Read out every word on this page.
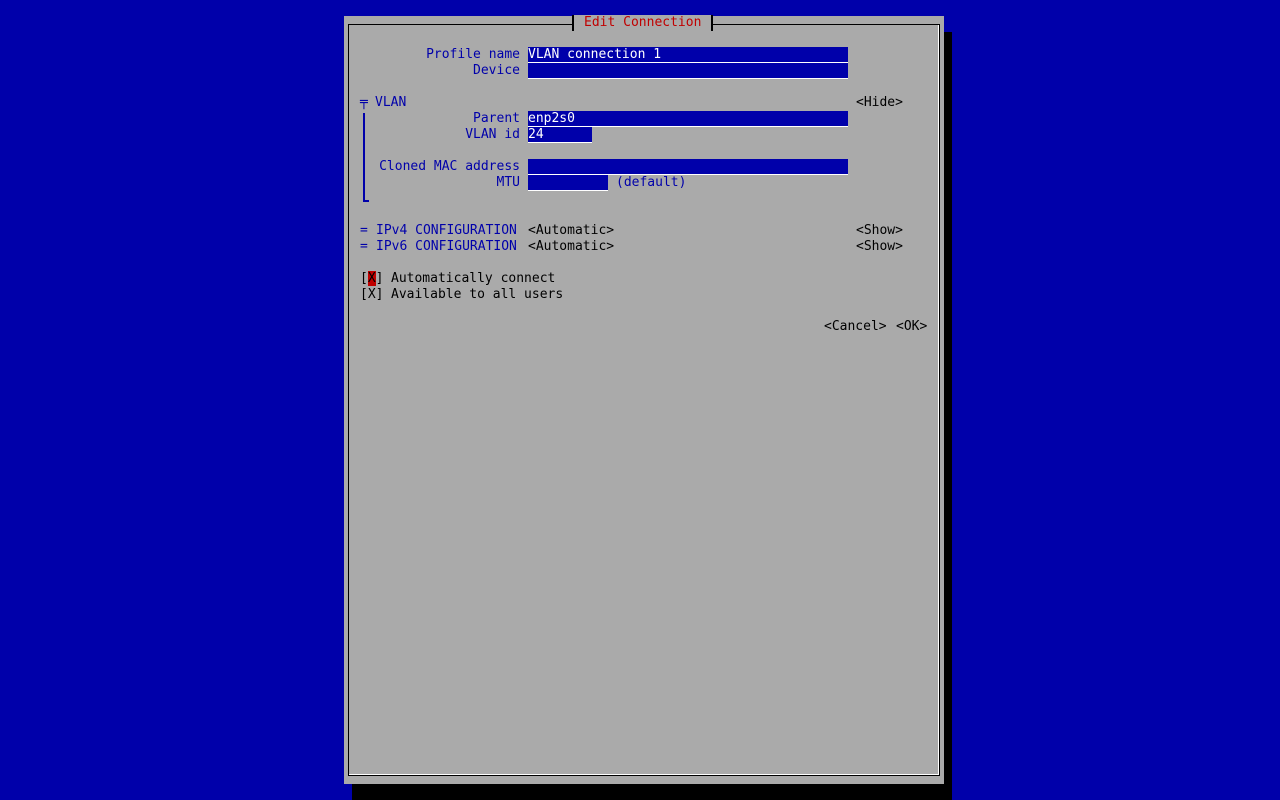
Edit Connection
Profile name VLAN connection 1
Device
╤ VLAN	<Hide>
Parent enp2s0
VLAN id 24
Cloned MAC address
MTU	(default)
= IPv4 CONFIGURATION <Automatic>	<Show>
= IPv6 CONFIGURATION <Automatic>	<Show>
[X] Automatically connect
[X] Available to all users
<Cancel> <OK>
